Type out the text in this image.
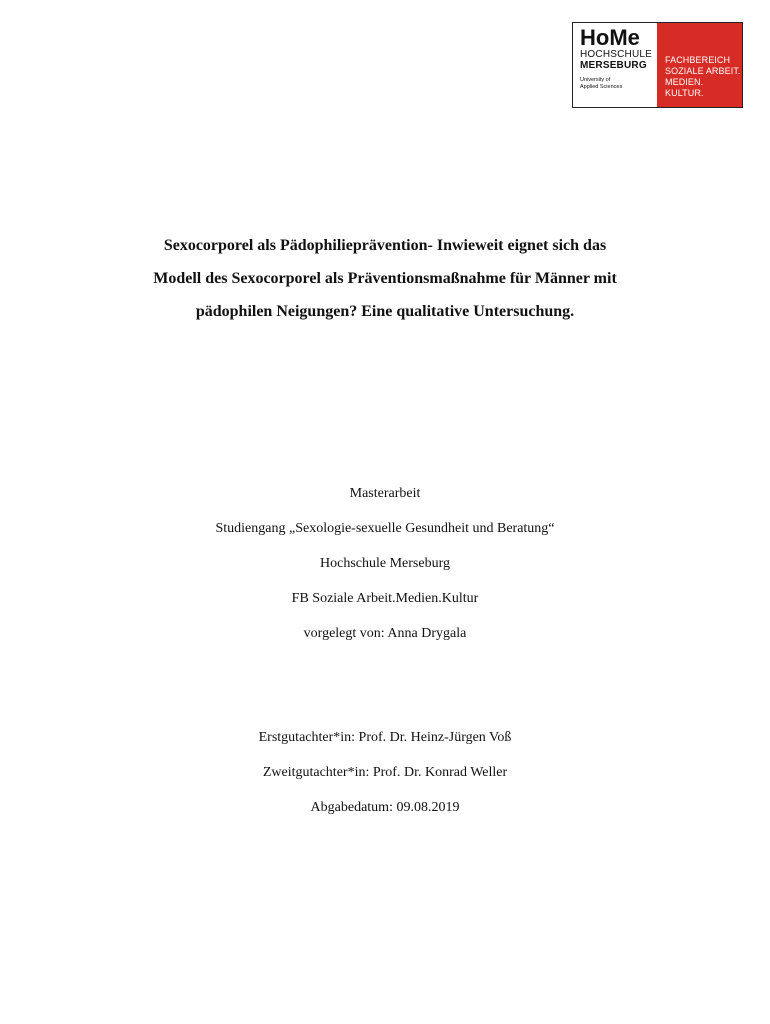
HoMe
HOCHSCHULE
MERSEBURG
University of
Applied Sciences
FACHBEREICH
SOZIALE ARBEIT.
MEDIEN. KULTUR.
Sexocorporel als Pädophilieprävention- Inwieweit eignet sich das
Modell des Sexocorporel als Präventionsmaßnahme für Männer mit
pädophilen Neigungen? Eine qualitative Untersuchung.
Masterarbeit
Studiengang „Sexologie-sexuelle Gesundheit und Beratung“
Hochschule Merseburg
FB Soziale Arbeit.Medien.Kultur
vorgelegt von: Anna Drygala
Erstgutachter*in: Prof. Dr. Heinz-Jürgen Voß
Zweitgutachter*in: Prof. Dr. Konrad Weller
Abgabedatum: 09.08.2019
